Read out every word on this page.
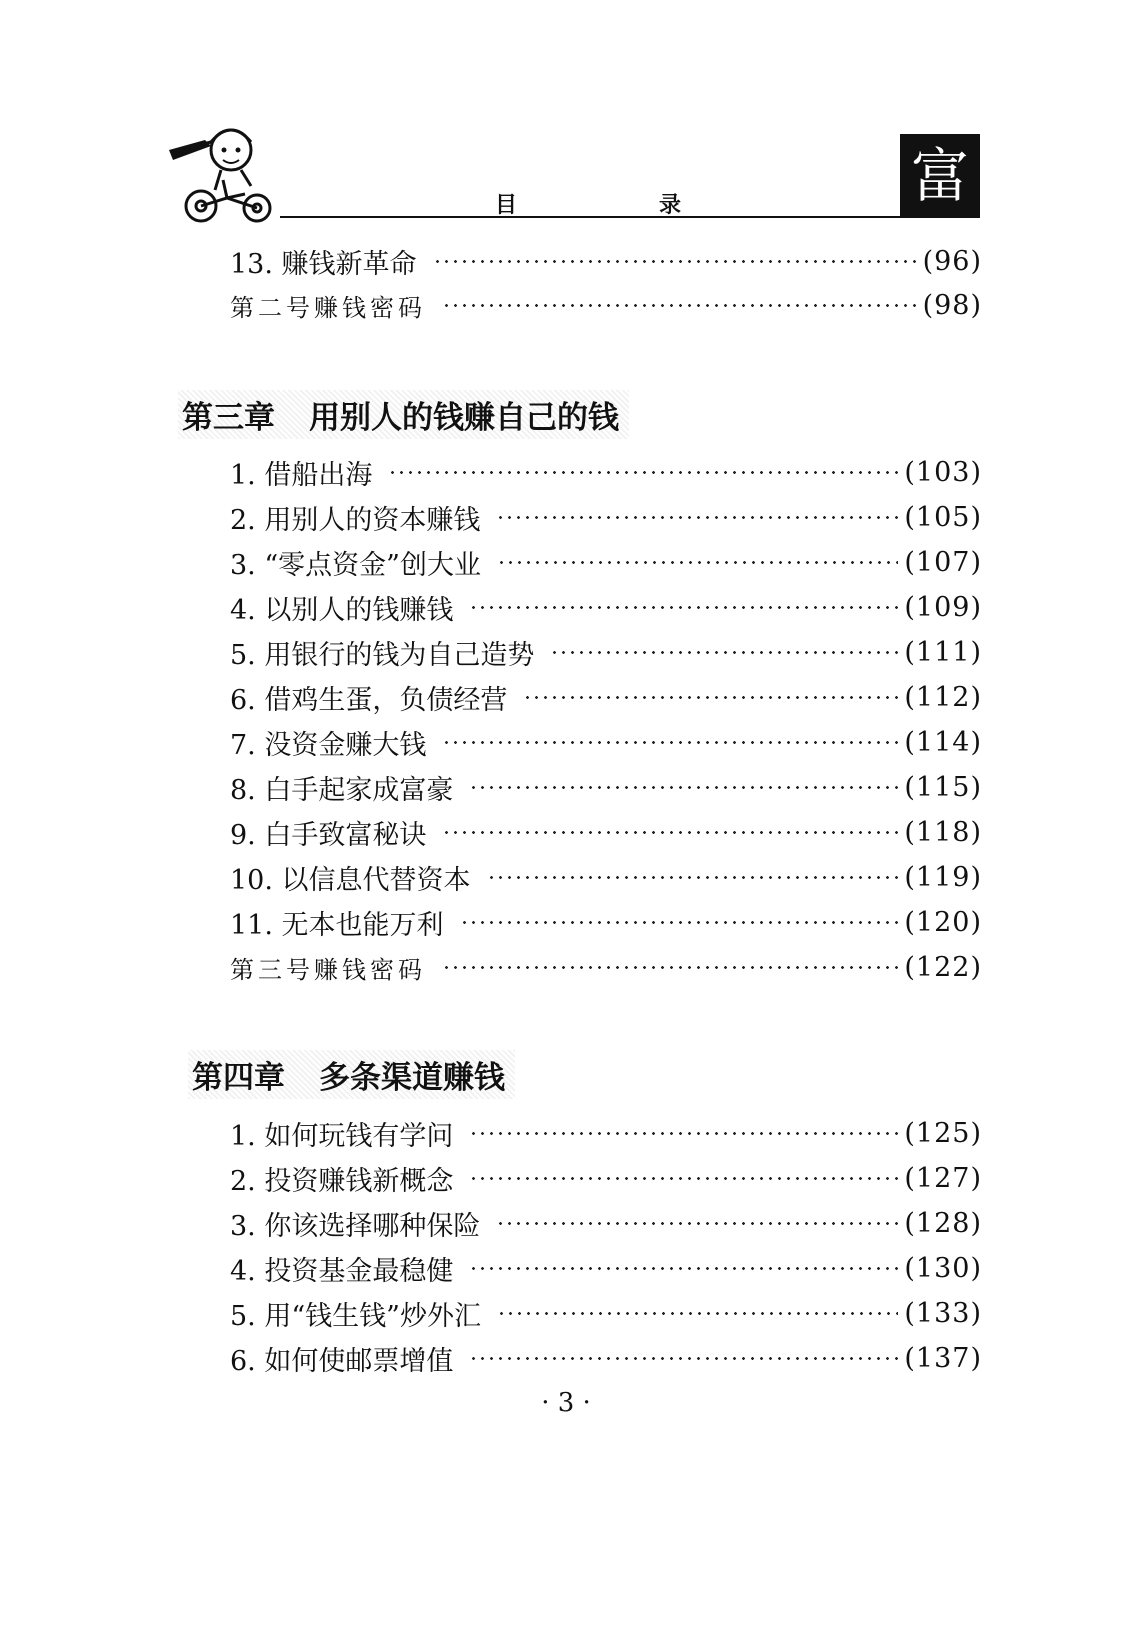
目　录	富
13. 赚钱新革命	(96)
第二号赚钱密码	(98)
第三章 用别人的钱赚自己的钱
1. 借船出海	(103)
2. 用别人的资本赚钱	(105)
3. “零点资金”创大业	(107)
4. 以别人的钱赚钱	(109)
5. 用银行的钱为自己造势	(111)
6. 借鸡生蛋，负债经营	(112)
7. 没资金赚大钱	(114)
8. 白手起家成富豪	(115)
9. 白手致富秘诀	(118)
10. 以信息代替资本	(119)
11. 无本也能万利	(120)
第三号赚钱密码	(122)
第四章 多条渠道赚钱
1. 如何玩钱有学问	(125)
2. 投资赚钱新概念	(127)
3. 你该选择哪种保险	(128)
4. 投资基金最稳健	(130)
5. 用“钱生钱”炒外汇	(133)
6. 如何使邮票增值	(137)
· 3 ·
